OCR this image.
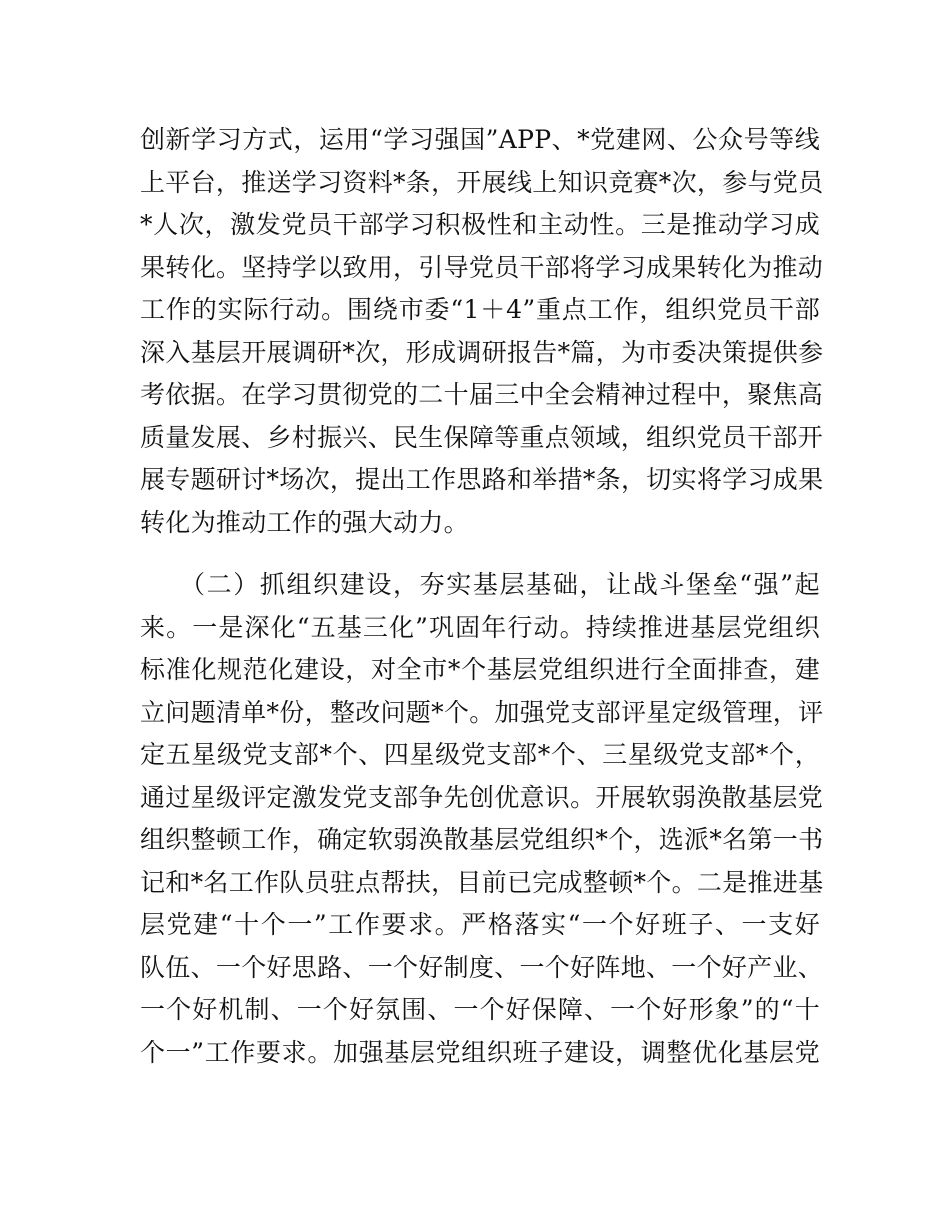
创新学习方式，运用“学习强国”APP、*党建网、公众号等线
上平台，推送学习资料*条，开展线上知识竞赛*次，参与党员
*人次，激发党员干部学习积极性和主动性。三是推动学习成
果转化。坚持学以致用，引导党员干部将学习成果转化为推动
工作的实际行动。围绕市委“1＋4”重点工作，组织党员干部
深入基层开展调研*次，形成调研报告*篇，为市委决策提供参
考依据。在学习贯彻党的二十届三中全会精神过程中，聚焦高
质量发展、乡村振兴、民生保障等重点领域，组织党员干部开
展专题研讨*场次，提出工作思路和举措*条，切实将学习成果
转化为推动工作的强大动力。
（二）抓组织建设，夯实基层基础，让战斗堡垒“强”起
来。一是深化“五基三化”巩固年行动。持续推进基层党组织
标准化规范化建设，对全市*个基层党组织进行全面排查，建
立问题清单*份，整改问题*个。加强党支部评星定级管理，评
定五星级党支部*个、四星级党支部*个、三星级党支部*个，
通过星级评定激发党支部争先创优意识。开展软弱涣散基层党
组织整顿工作，确定软弱涣散基层党组织*个，选派*名第一书
记和*名工作队员驻点帮扶，目前已完成整顿*个。二是推进基
层党建“十个一”工作要求。严格落实“一个好班子、一支好
队伍、一个好思路、一个好制度、一个好阵地、一个好产业、
一个好机制、一个好氛围、一个好保障、一个好形象”的“十
个一”工作要求。加强基层党组织班子建设，调整优化基层党
